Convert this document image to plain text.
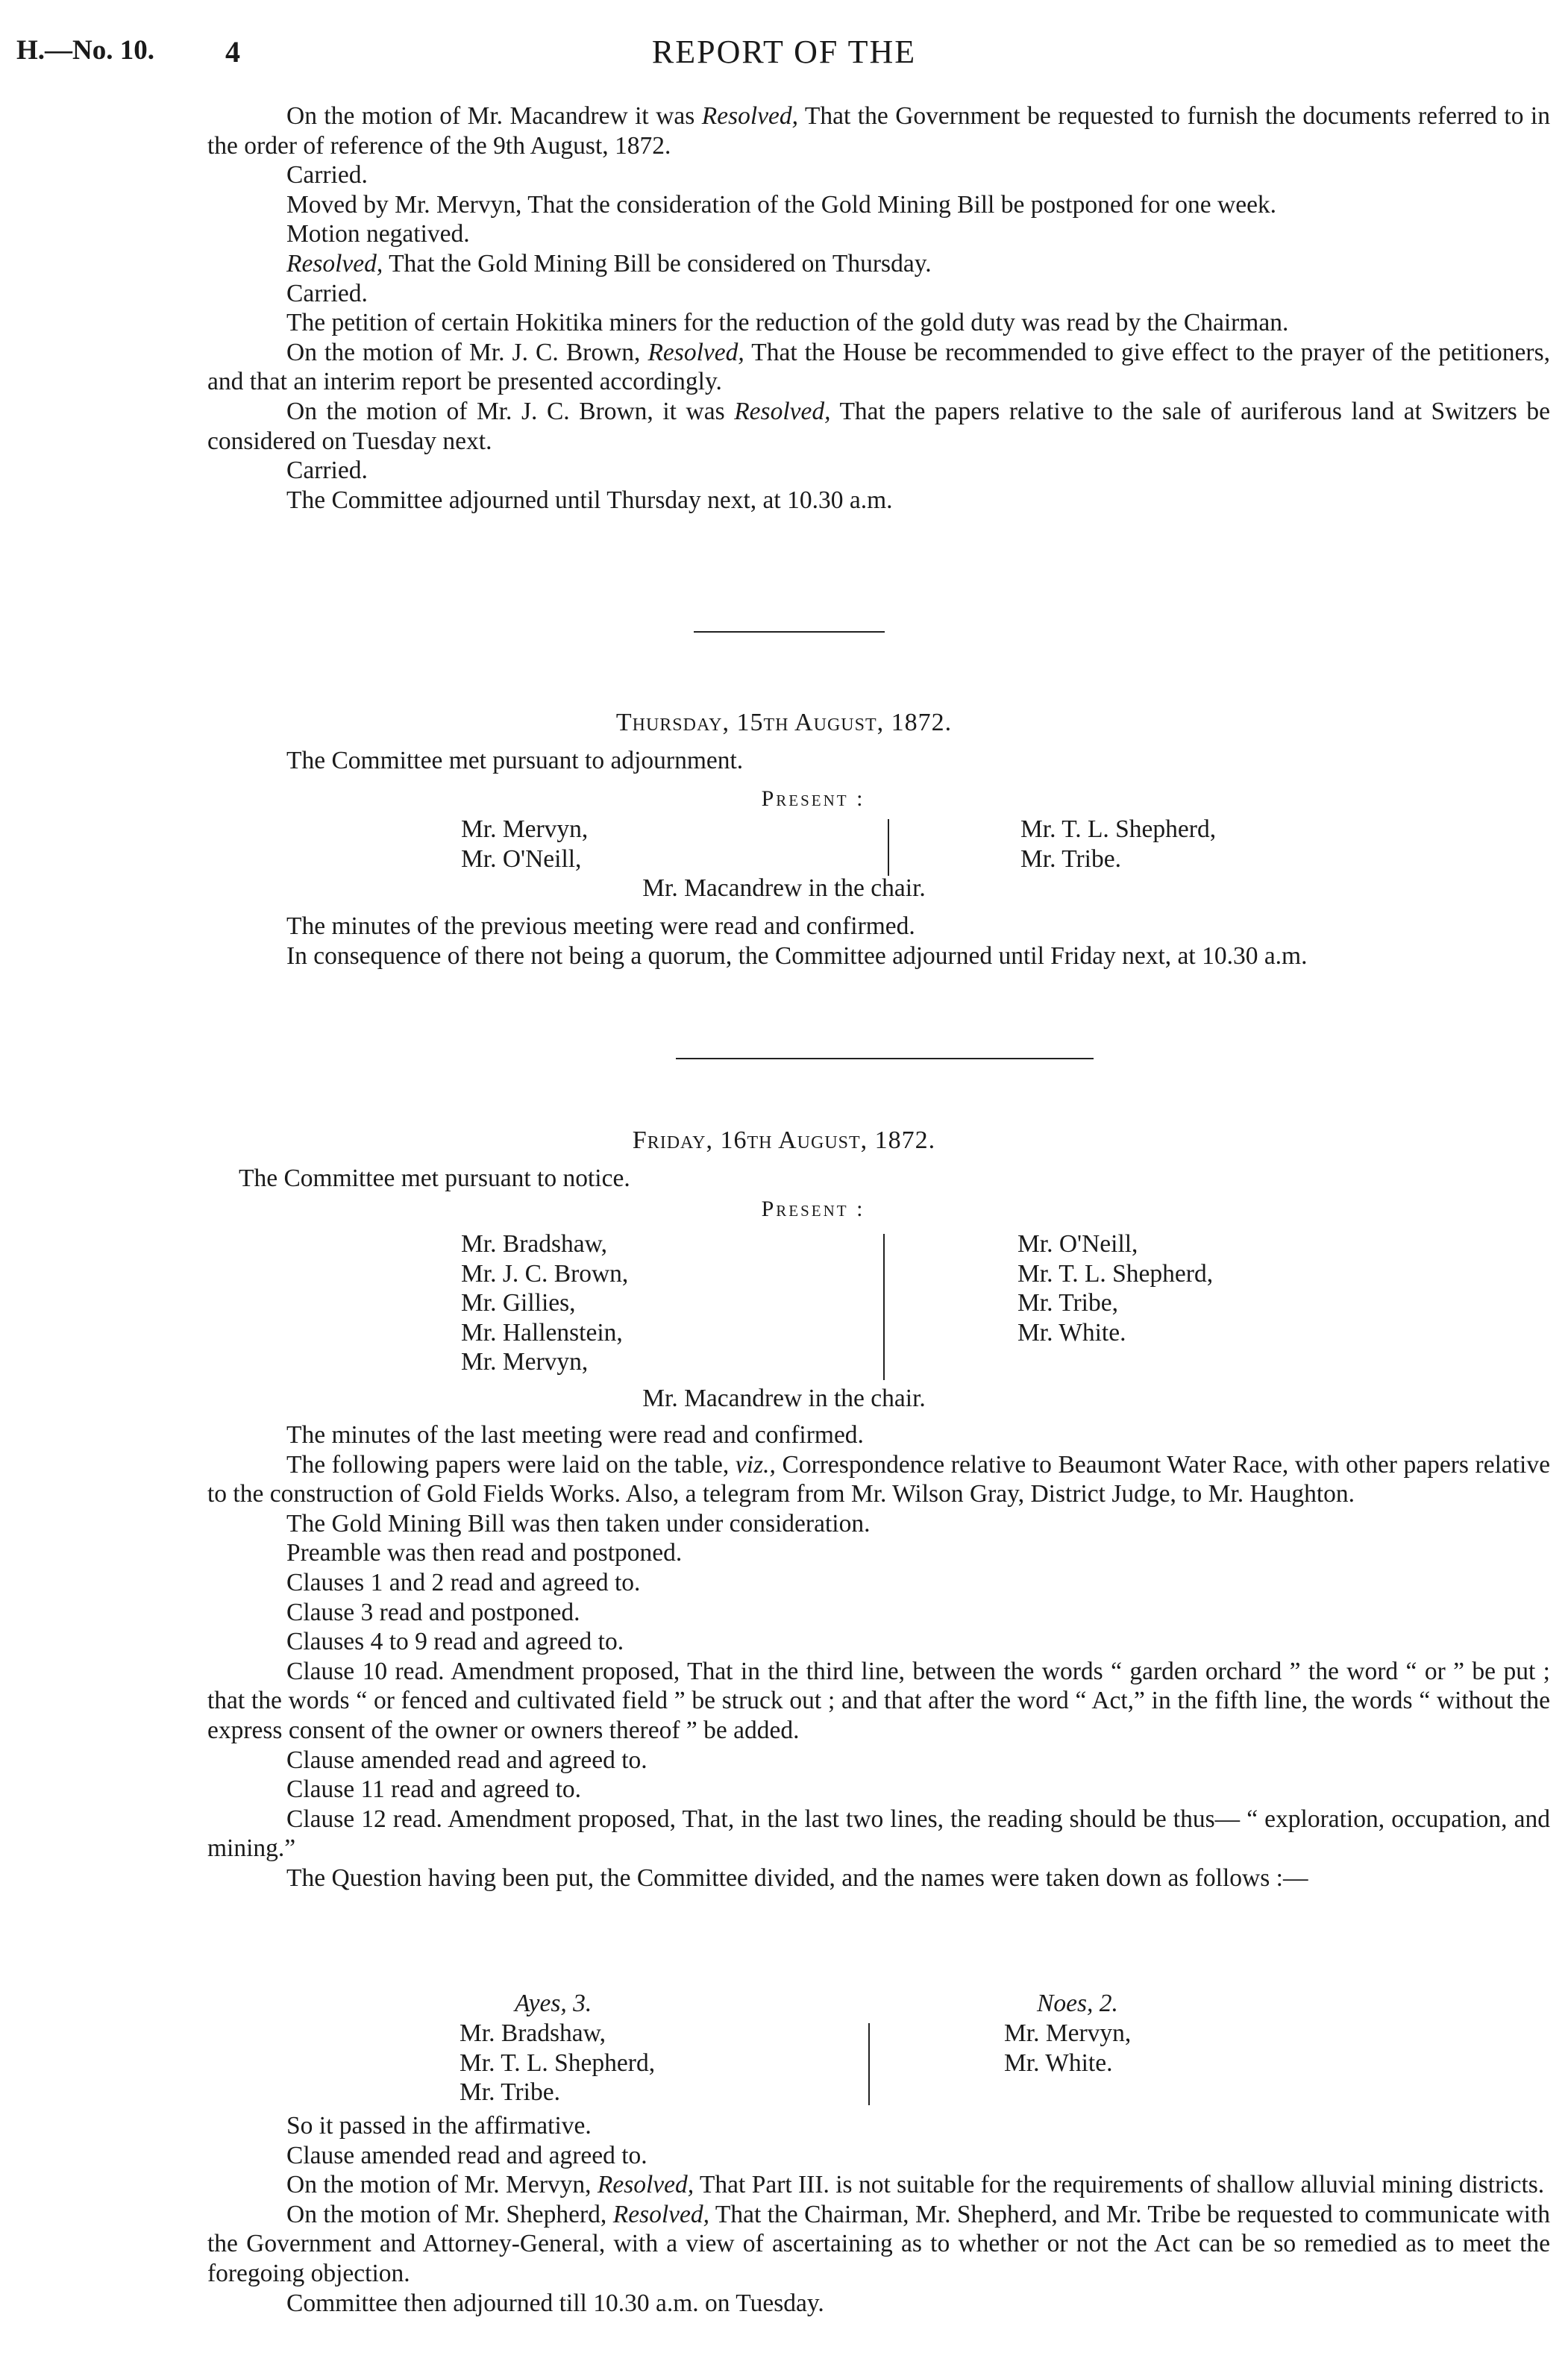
H.—No. 10. 4	REPORT OF THE

On the motion of Mr. Macandrew it was Resolved, That the Government be requested to furnish the documents referred to in the order of reference of the 9th August, 1872.

Carried.

Moved by Mr. Mervyn, That the consideration of the Gold Mining Bill be postponed for one week.

Motion negatived.

Resolved, That the Gold Mining Bill be considered on Thursday.

Carried.

The petition of certain Hokitika miners for the reduction of the gold duty was read by the Chairman.

On the motion of Mr. J. C. Brown, Resolved, That the House be recommended to give effect to the prayer of the petitioners, and that an interim report be presented accordingly.

On the motion of Mr. J. C. Brown, it was Resolved, That the papers relative to the sale of auriferous land at Switzers be considered on Tuesday next.

Carried.

The Committee adjourned until Thursday next, at 10.30 a.m.

Thursday, 15th August, 1872.
The Committee met pursuant to adjournment.
Present :
Mr. Mervyn,
Mr. O'Neill,
Mr. T. L. Shepherd,
Mr. Tribe.
Mr. Macandrew in the chair.

The minutes of the previous meeting were read and confirmed.

In consequence of there not being a quorum, the Committee adjourned until Friday next, at 10.30 a.m.

Friday, 16th August, 1872.
The Committee met pursuant to notice.
Present :
Mr. Bradshaw,
Mr. J. C. Brown,
Mr. Gillies,
Mr. Hallenstein,
Mr. Mervyn,
Mr. O'Neill,
Mr. T. L. Shepherd,
Mr. Tribe,
Mr. White.
Mr. Macandrew in the chair.

The minutes of the last meeting were read and confirmed.

The following papers were laid on the table, viz., Correspondence relative to Beaumont Water Race, with other papers relative to the construction of Gold Fields Works. Also, a telegram from Mr. Wilson Gray, District Judge, to Mr. Haughton.

The Gold Mining Bill was then taken under consideration.

Preamble was then read and postponed.

Clauses 1 and 2 read and agreed to.

Clause 3 read and postponed.

Clauses 4 to 9 read and agreed to.

Clause 10 read. Amendment proposed, That in the third line, between the words “ garden orchard ” the word “ or ” be put ; that the words “ or fenced and cultivated field ” be struck out ; and that after the word “ Act,” in the fifth line, the words “ without the express consent of the owner or owners thereof ” be added.

Clause amended read and agreed to.

Clause 11 read and agreed to.

Clause 12 read. Amendment proposed, That, in the last two lines, the reading should be thus— “ exploration, occupation, and mining.”

The Question having been put, the Committee divided, and the names were taken down as follows :—

Ayes, 3.	Noes, 2.
Mr. Bradshaw,
Mr. T. L. Shepherd,
Mr. Tribe.
Mr. Mervyn,
Mr. White.

So it passed in the affirmative.

Clause amended read and agreed to.

On the motion of Mr. Mervyn, Resolved, That Part III. is not suitable for the requirements of shallow alluvial mining districts.

On the motion of Mr. Shepherd, Resolved, That the Chairman, Mr. Shepherd, and Mr. Tribe be requested to communicate with the Government and Attorney-General, with a view of ascertaining as to whether or not the Act can be so remedied as to meet the foregoing objection.

Committee then adjourned till 10.30 a.m. on Tuesday.
